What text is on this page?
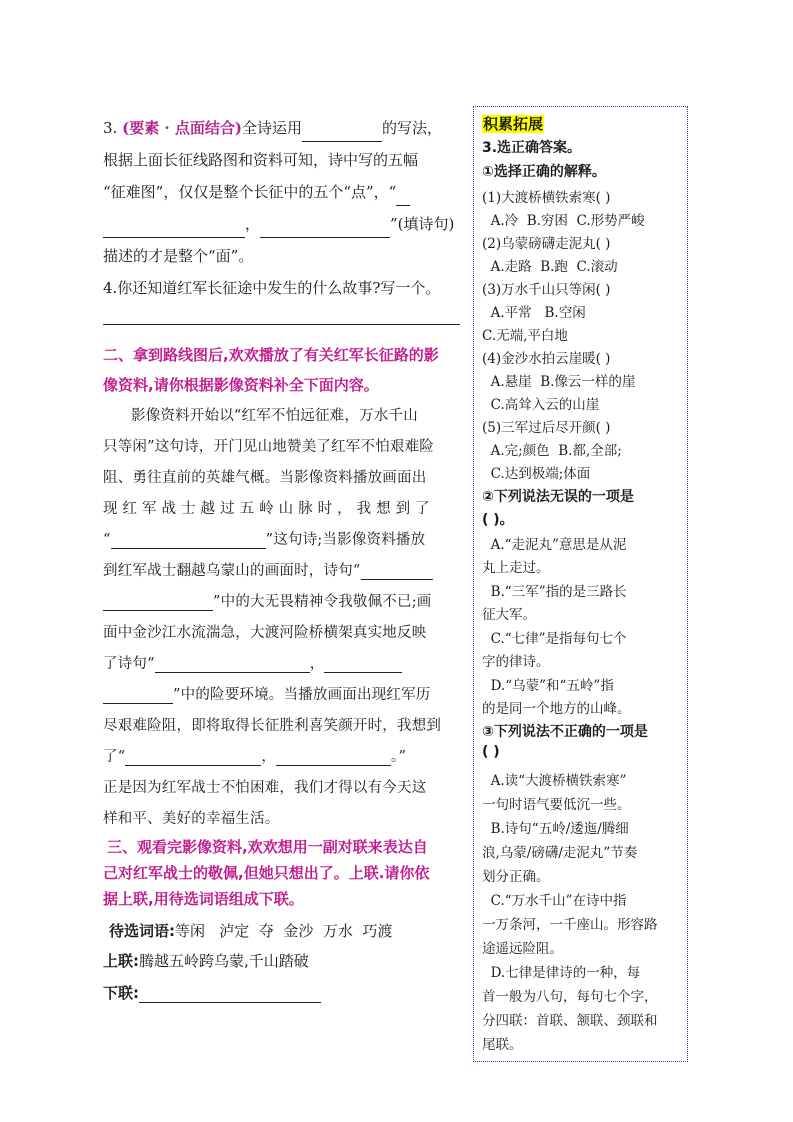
3. (要素 · 点面结合)全诗运用	的写法，
根据上面长征线路图和资料可知，诗中写的五幅
“征难图”，仅仅是整个长征中的五个“点”，“
，	”(填诗句)
描述的才是整个“面”。
4.你还知道红军长征途中发生的什么故事?写一个。
二、拿到路线图后,欢欢播放了有关红军长征路的影
像资料,请你根据影像资料补全下面内容。
影像资料开始以“红军不怕远征难，万水千山
只等闲”这句诗，开门见山地赞美了红军不怕艰难险
阻、勇往直前的英雄气概。当影像资料播放画面出
现 红 军 战 士 越 过 五 岭 山 脉 时 ， 我 想 到 了
“	”这句诗;当影像资料播放
到红军战士翻越乌蒙山的画面时，诗句“
”中的大无畏精神令我敬佩不已;画
面中金沙江水流湍急，大渡河险桥横架真实地反映
了诗句“	，
”中的险要环境。当播放画面出现红军历
尽艰难险阻，即将取得长征胜利喜笑颜开时，我想到
了“	，	。”
正是因为红军战士不怕困难，我们才得以有今天这
样和平、美好的幸福生活。
三、观看完影像资料,欢欢想用一副对联来表达自
己对红军战士的敬佩,但她只想出了。上联.请你依
据上联,用待选词语组成下联。
待选词语:等闲   泸定  夺  金沙  万水  巧渡
上联:腾越五岭跨乌蒙,千山踏破
下联:
积累拓展
3.选正确答案。
①选择正确的解释。
(1)大渡桥横铁索寒( )
A.冷  B.穷困  C.形势严峻
(2)乌蒙磅礴走泥丸( )
A.走路  B.跑  C.滚动
(3)万水千山只等闲( )
A.平常   B.空闲
C.无端,平白地
(4)金沙水拍云崖暖( )
A.悬崖  B.像云一样的崖
C.高耸入云的山崖
(5)三军过后尽开颜( )
A.完;颜色  B.都,全部;
C.达到极端;体面
②下列说法无误的一项是
( )。
A.“走泥丸”意思是从泥
丸上走过。
B.“三军”指的是三路长
征大军。
C.“七律”是指每句七个
字的律诗。
D.“乌蒙”和“五岭”指
的是同一个地方的山峰。
③下列说法不正确的一项是
( )
A.读“大渡桥横铁索寒”
一句时语气要低沉一些。
B.诗句“五岭/逶迤/腾细
浪,乌蒙/磅礴/走泥丸”节奏
划分正确。
C.“万水千山”在诗中指
一万条河，一千座山。形容路
途遥远险阻。
D.七律是律诗的一种，每
首一般为八句，每句七个字，
分四联：首联、颔联、颈联和
尾联。
